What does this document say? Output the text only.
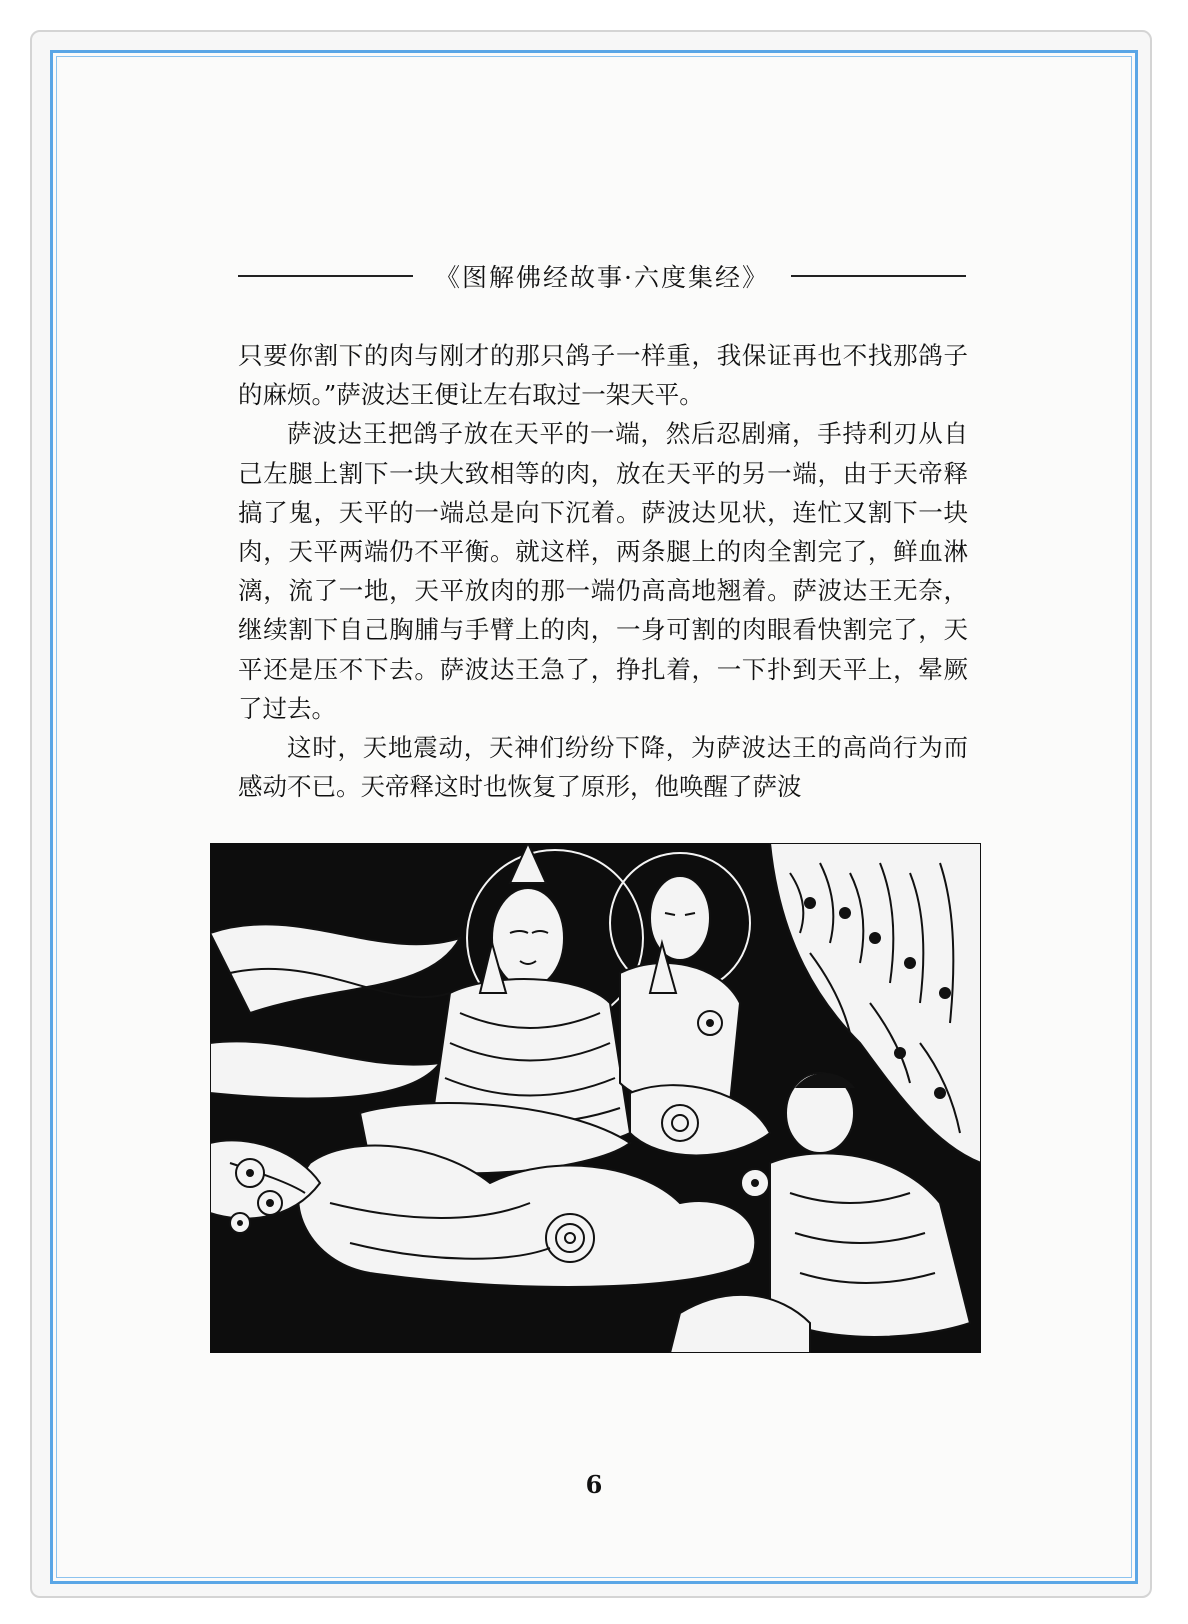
《图解佛经故事·六度集经》

只要你割下的肉与刚才的那只鸽子一样重，我保证再也不找那鸽子的麻烦。”萨波达王便让左右取过一架天平。

萨波达王把鸽子放在天平的一端，然后忍剧痛，手持利刃从自己左腿上割下一块大致相等的肉，放在天平的另一端，由于天帝释搞了鬼，天平的一端总是向下沉着。萨波达见状，连忙又割下一块肉，天平两端仍不平衡。就这样，两条腿上的肉全割完了，鲜血淋漓，流了一地，天平放肉的那一端仍高高地翘着。萨波达王无奈，继续割下自己胸脯与手臂上的肉，一身可割的肉眼看快割完了，天平还是压不下去。萨波达王急了，挣扎着，一下扑到天平上，晕厥了过去。

这时，天地震动，天神们纷纷下降，为萨波达王的高尚行为而感动不已。天帝释这时也恢复了原形，他唤醒了萨波

6
